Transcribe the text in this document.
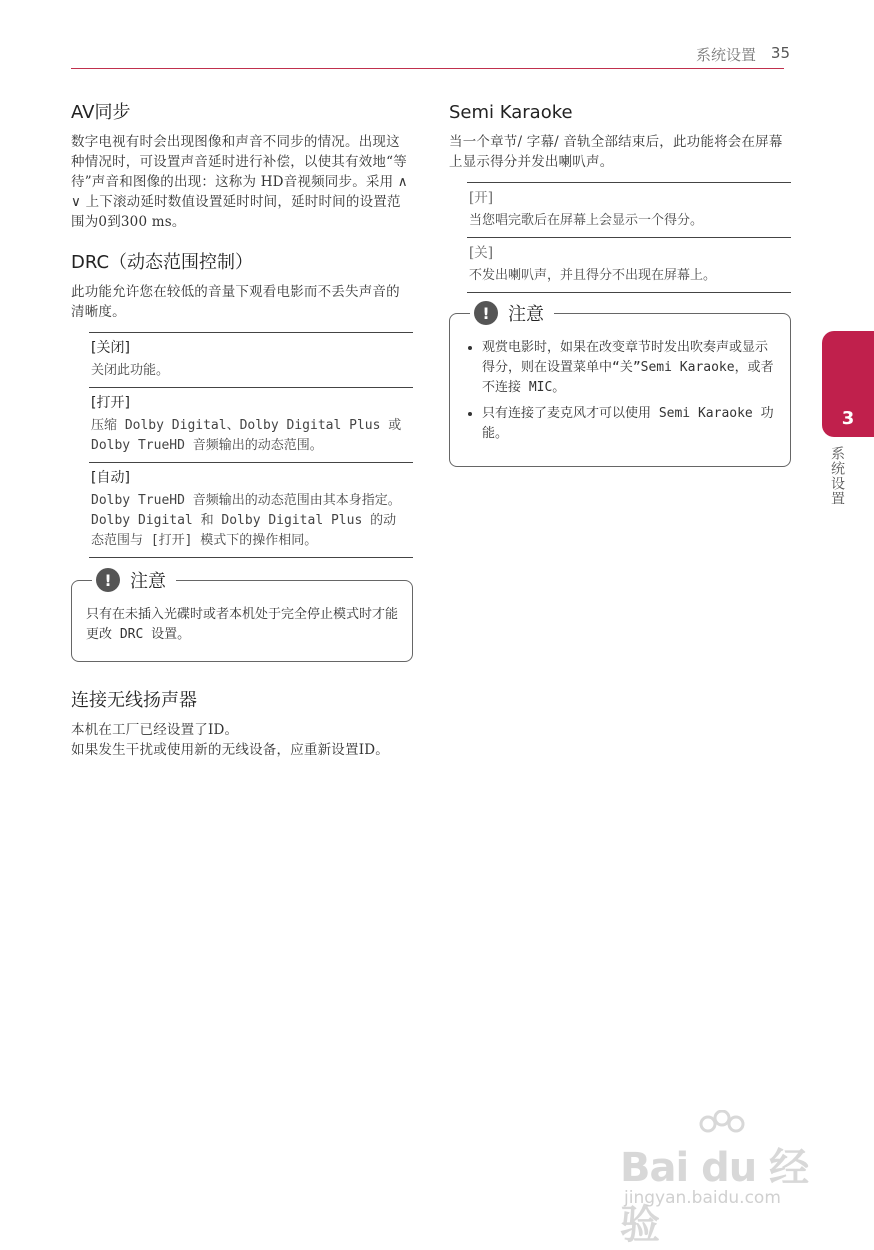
系统设置 35
AV同步

数字电视有时会出现图像和声音不同步的情况。出现这种情况时，可设置声音延时进行补偿，以使其有效地“等待”声音和图像的出现：这称为 HD音视频同步。采用 ∧ ∨ 上下滚动延时数值设置延时时间，延时时间的设置范围为0到300 ms。

DRC（动态范围控制）

此功能允许您在较低的音量下观看电影而不丢失声音的清晰度。

[关闭]
关闭此功能。
[打开]
压缩 Dolby Digital、Dolby Digital Plus 或 Dolby TrueHD 音频输出的动态范围。
[自动]
Dolby TrueHD 音频输出的动态范围由其本身指定。Dolby Digital 和 Dolby Digital Plus 的动态范围与 [打开] 模式下的操作相同。
!	注意

只有在未插入光碟时或者本机处于完全停止模式时才能更改 DRC 设置。

连接无线扬声器

本机在工厂已经设置了ID。

如果发生干扰或使用新的无线设备，应重新设置ID。

Semi Karaoke

当一个章节/ 字幕/ 音轨全部结束后，此功能将会在屏幕上显示得分并发出喇叭声。

[开]
当您唱完歌后在屏幕上会显示一个得分。
[关]
不发出喇叭声，并且得分不出现在屏幕上。
!	注意
• 观赏电影时，如果在改变章节时发出吹奏声或显示得分，则在设置菜单中“关”Semi Karaoke，或者不连接 MIC。
• 只有连接了麦克风才可以使用 Semi Karaoke 功能。
3
系统设置
Bai du 经验
jingyan.baidu.com
